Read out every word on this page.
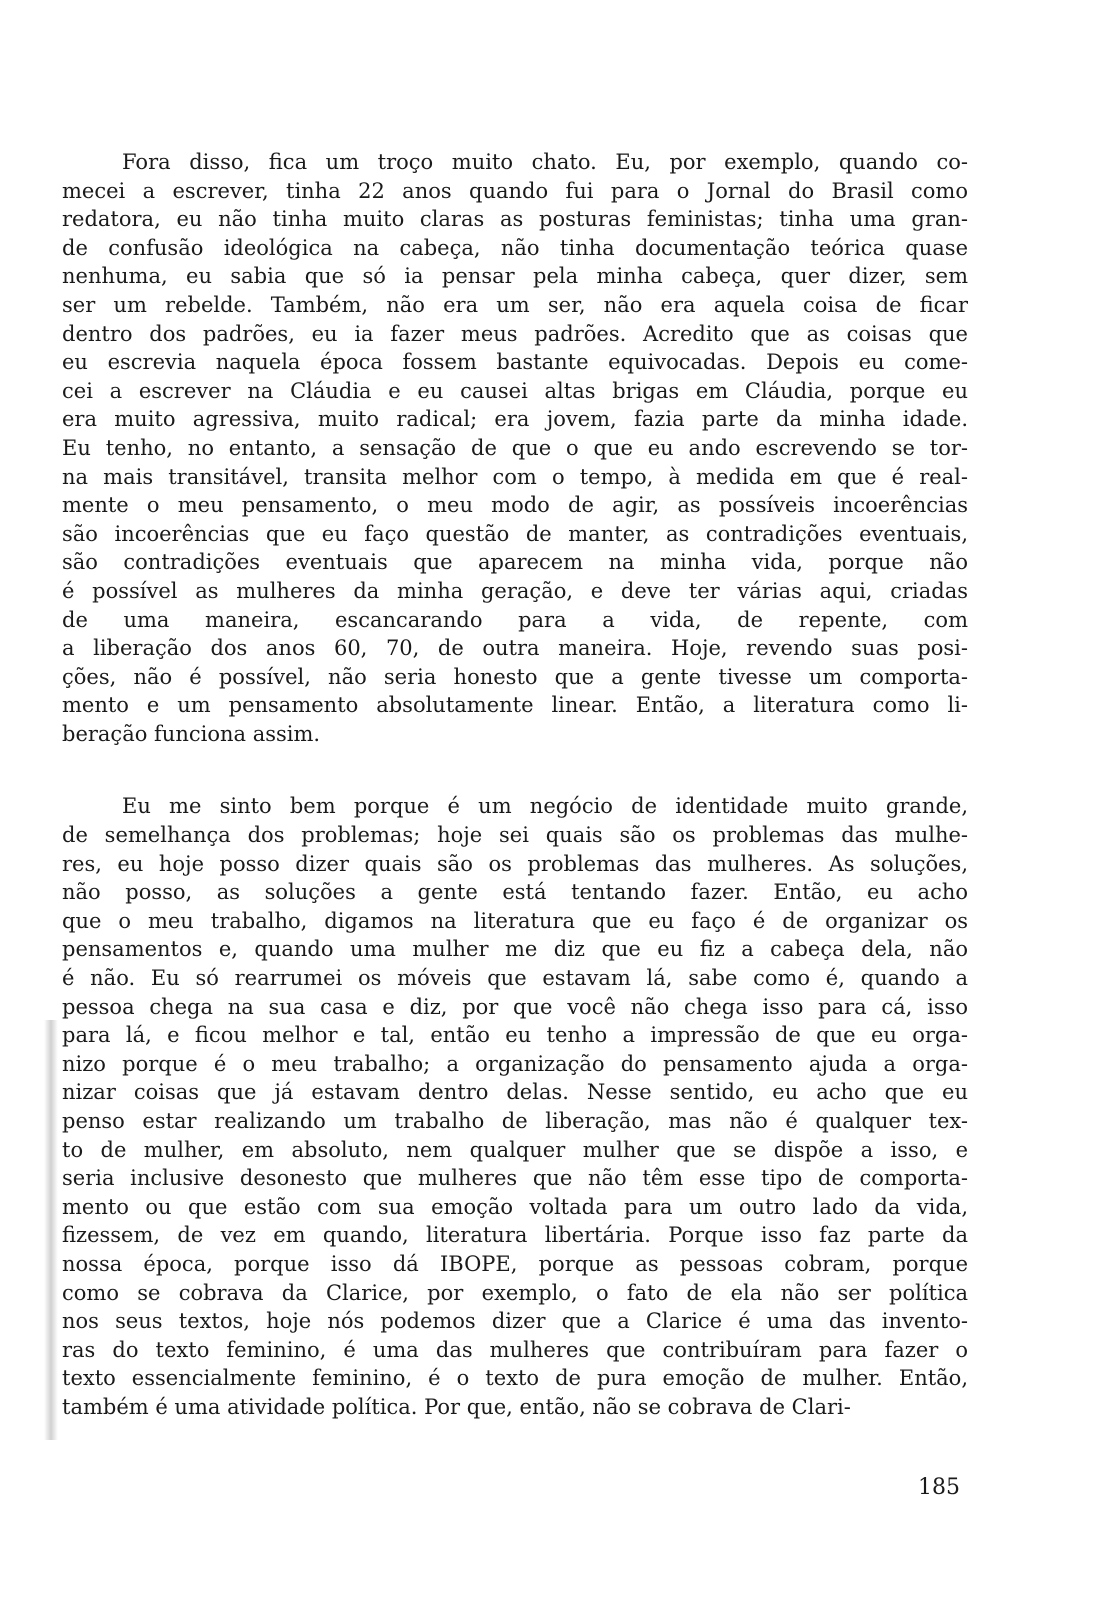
Fora disso, fica um troço muito chato. Eu, por exemplo, quando co-
mecei a escrever, tinha 22 anos quando fui para o Jornal do Brasil como
redatora, eu não tinha muito claras as posturas feministas; tinha uma gran-
de confusão ideológica na cabeça, não tinha documentação teórica quase
nenhuma, eu sabia que só ia pensar pela minha cabeça, quer dizer, sem
ser um rebelde. Também, não era um ser, não era aquela coisa de ficar
dentro dos padrões, eu ia fazer meus padrões. Acredito que as coisas que
eu escrevia naquela época fossem bastante equivocadas. Depois eu come-
cei a escrever na Cláudia e eu causei altas brigas em Cláudia, porque eu
era muito agressiva, muito radical; era jovem, fazia parte da minha idade.
Eu tenho, no entanto, a sensação de que o que eu ando escrevendo se tor-
na mais transitável, transita melhor com o tempo, à medida em que é real-
mente o meu pensamento, o meu modo de agir, as possíveis incoerências
são incoerências que eu faço questão de manter, as contradições eventuais,
são contradições eventuais que aparecem na minha vida, porque não
é possível as mulheres da minha geração, e deve ter várias aqui, criadas
de uma maneira, escancarando para a vida, de repente, com
a liberação dos anos 60, 70, de outra maneira. Hoje, revendo suas posi-
ções, não é possível, não seria honesto que a gente tivesse um comporta-
mento e um pensamento absolutamente linear. Então, a literatura como li-
beração funciona assim.
Eu me sinto bem porque é um negócio de identidade muito grande,
de semelhança dos problemas; hoje sei quais são os problemas das mulhe-
res, eu hoje posso dizer quais são os problemas das mulheres. As soluções,
não posso, as soluções a gente está tentando fazer. Então, eu acho
que o meu trabalho, digamos na literatura que eu faço é de organizar os
pensamentos e, quando uma mulher me diz que eu fiz a cabeça dela, não
é não. Eu só rearrumei os móveis que estavam lá, sabe como é, quando a
pessoa chega na sua casa e diz, por que você não chega isso para cá, isso
para lá, e ficou melhor e tal, então eu tenho a impressão de que eu orga-
nizo porque é o meu trabalho; a organização do pensamento ajuda a orga-
nizar coisas que já estavam dentro delas. Nesse sentido, eu acho que eu
penso estar realizando um trabalho de liberação, mas não é qualquer tex-
to de mulher, em absoluto, nem qualquer mulher que se dispõe a isso, e
seria inclusive desonesto que mulheres que não têm esse tipo de comporta-
mento ou que estão com sua emoção voltada para um outro lado da vida,
fizessem, de vez em quando, literatura libertária. Porque isso faz parte da
nossa época, porque isso dá IBOPE, porque as pessoas cobram, porque
como se cobrava da Clarice, por exemplo, o fato de ela não ser política
nos seus textos, hoje nós podemos dizer que a Clarice é uma das invento-
ras do texto feminino, é uma das mulheres que contribuíram para fazer o
texto essencialmente feminino, é o texto de pura emoção de mulher. Então,
também é uma atividade política. Por que, então, não se cobrava de Clari-
185
